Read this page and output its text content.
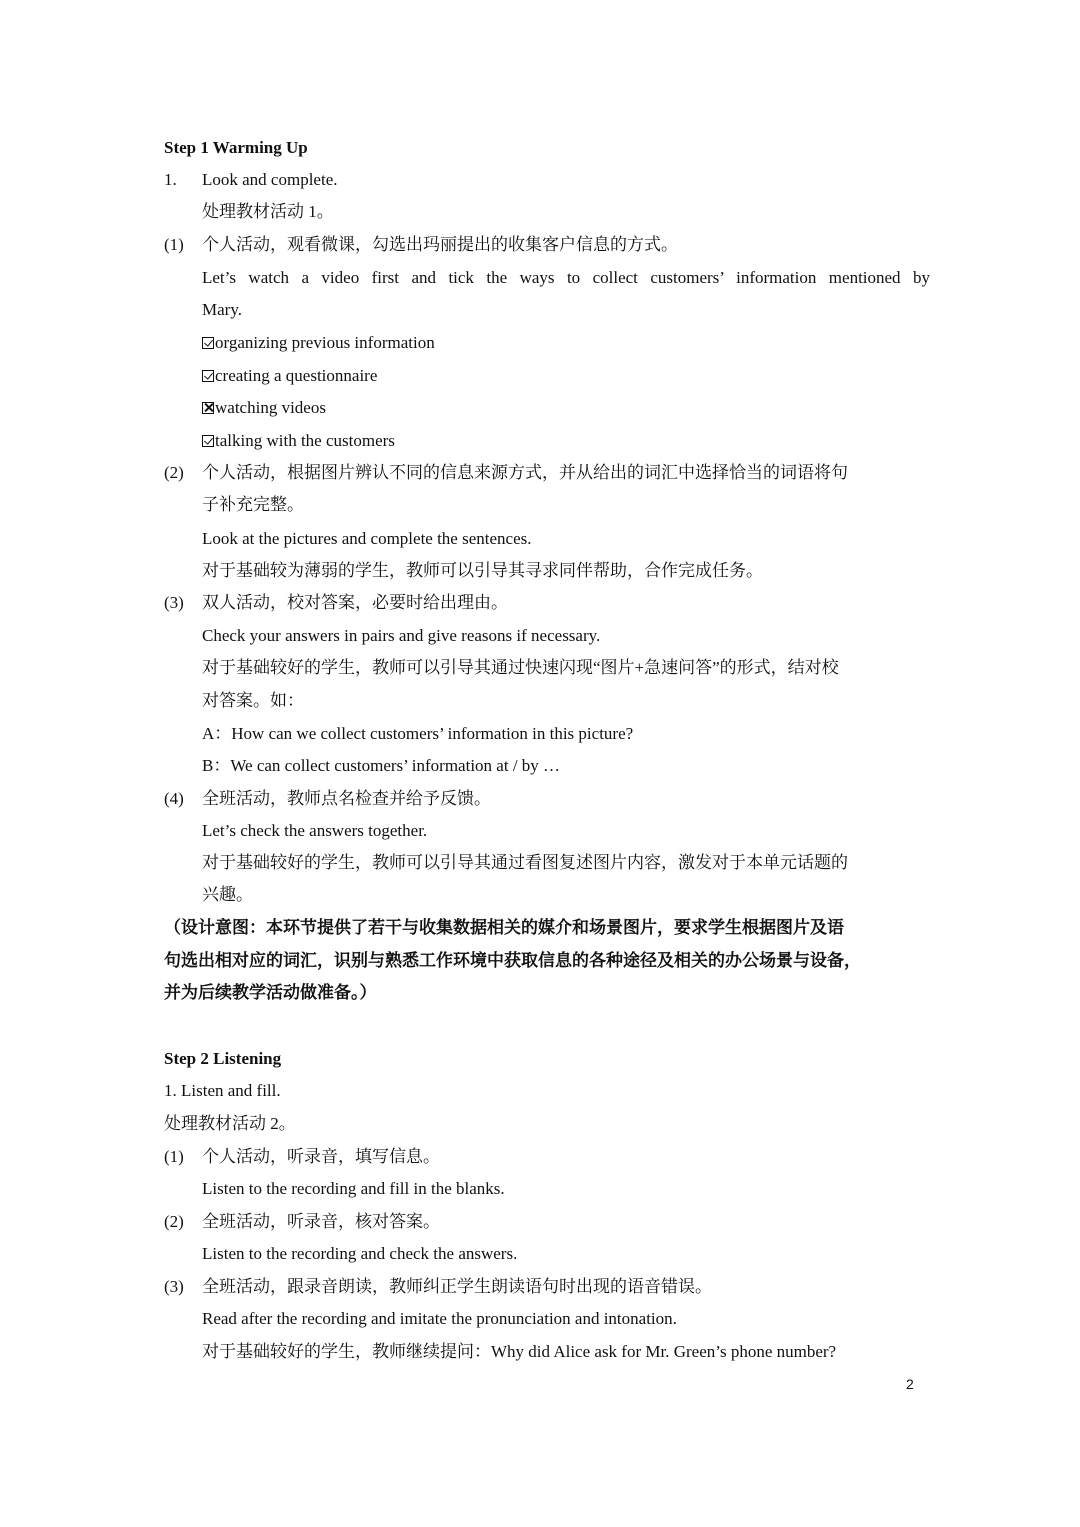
Step 1 Warming Up
1. Look and complete.
处理教材活动 1。
(1) 个人活动，观看微课，勾选出玛丽提出的收集客户信息的方式。
Let’s watch a video first and tick the ways to collect customers’ information mentioned by
Mary.
organizing previous information
creating a questionnaire
watching videos
talking with the customers
(2) 个人活动，根据图片辨认不同的信息来源方式，并从给出的词汇中选择恰当的词语将句
子补充完整。
Look at the pictures and complete the sentences.
对于基础较为薄弱的学生，教师可以引导其寻求同伴帮助，合作完成任务。
(3) 双人活动，校对答案，必要时给出理由。
Check your answers in pairs and give reasons if necessary.
对于基础较好的学生，教师可以引导其通过快速闪现“图片+急速问答”的形式，结对校
对答案。如：
A：How can we collect customers’ information in this picture?
B：We can collect customers’ information at / by …
(4) 全班活动，教师点名检查并给予反馈。
Let’s check the answers together.
对于基础较好的学生，教师可以引导其通过看图复述图片内容，激发对于本单元话题的
兴趣。
（设计意图：本环节提供了若干与收集数据相关的媒介和场景图片，要求学生根据图片及语
句选出相对应的词汇，识别与熟悉工作环境中获取信息的各种途径及相关的办公场景与设备，
并为后续教学活动做准备。）
Step 2 Listening
1. Listen and fill.
处理教材活动 2。
(1) 个人活动，听录音，填写信息。
Listen to the recording and fill in the blanks.
(2) 全班活动，听录音，核对答案。
Listen to the recording and check the answers.
(3) 全班活动，跟录音朗读，教师纠正学生朗读语句时出现的语音错误。
Read after the recording and imitate the pronunciation and intonation.
对于基础较好的学生，教师继续提问：Why did Alice ask for Mr. Green’s phone number?
2
